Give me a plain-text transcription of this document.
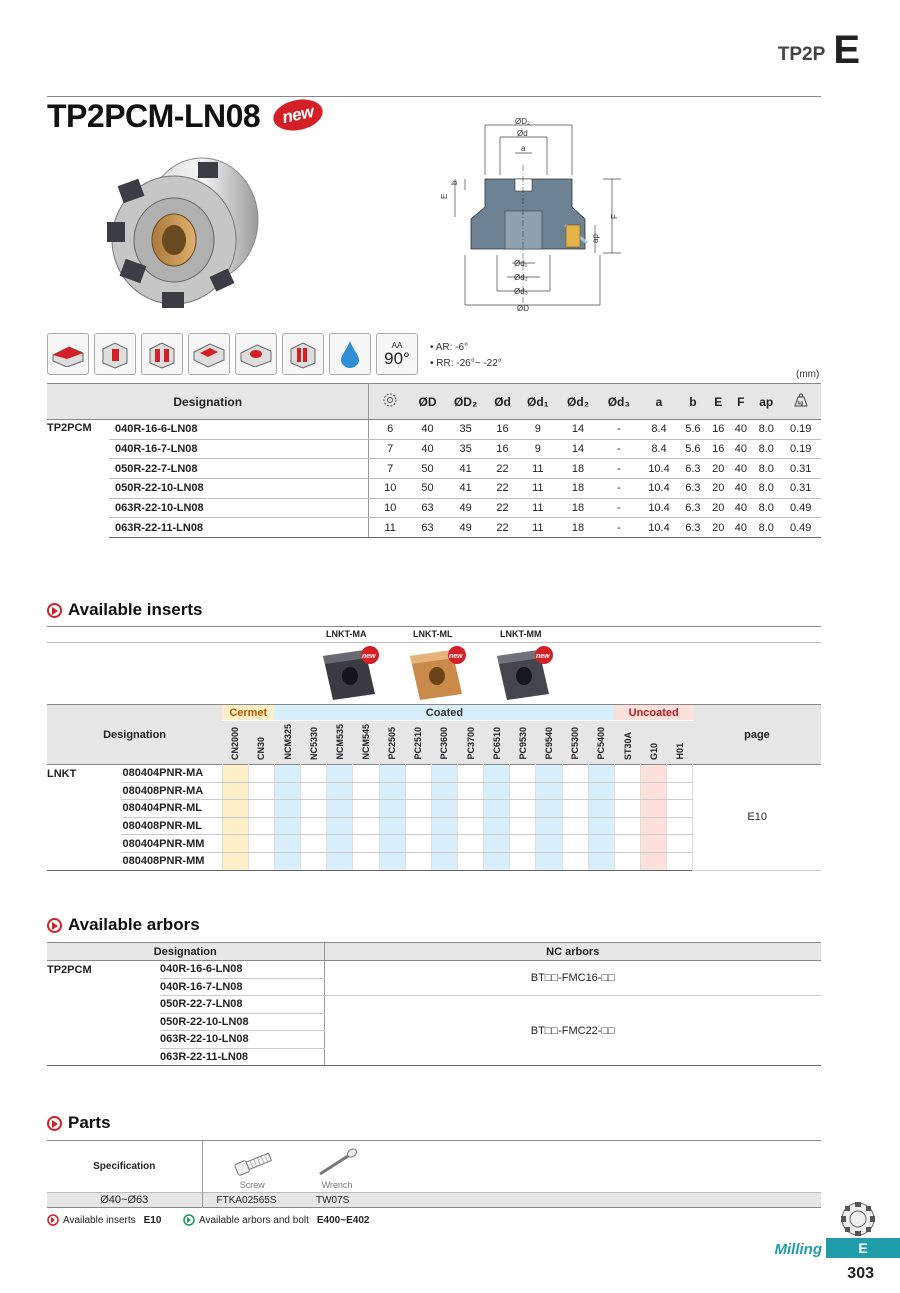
TP2P E
TP2PCM-LN08 new	ØD₂
Ød
a
b
E
F
ap
Ød₁
Ød₂
Ød₃
ØD
AA
90°
• AR: -6°
• RR: -26°~ -22°
(mm)
Designation			ØD	ØD₂	Ød	Ød₁	Ød₂	Ød₃	a	b	E	F	ap	kg

TP2PCM	040R-16-6-LN08	6	40	35	16	9	14	-	8.4	5.6	16	40	8.0	0.19
	040R-16-7-LN08	7	40	35	16	9	14	-	8.4	5.6	16	40	8.0	0.19
	050R-22-7-LN08	7	50	41	22	11	18	-	10.4	6.3	20	40	8.0	0.31
	050R-22-10-LN08	10	50	41	22	11	18	-	10.4	6.3	20	40	8.0	0.31
	063R-22-10-LN08	10	63	49	22	11	18	-	10.4	6.3	20	40	8.0	0.49
	063R-22-11-LN08	11	63	49	22	11	18	-	10.4	6.3	20	40	8.0	0.49
Available inserts
LNKT-MA	LNKT-ML	LNKT-MM
new	new	new
Designation		Cermet		Coated													Uncoated			page
		CN2000	CN30	NCM325	NC5330	NCM535	NCM545	PC2505	PC2510	PC3600	PC3700	PC6510	PC9530	PC9540	PC5300	PC5400	ST30A	G10	H01	
LNKT	080404PNR-MA																			E10
	080408PNR-MA																			
	080404PNR-ML																			
	080408PNR-ML																			
	080404PNR-MM																			
	080408PNR-MM																			
Available arbors
Designation		NC arbors
TP2PCM	040R-16-6-LN08	BT□□-FMC16-□□
	040R-16-7-LN08	
	050R-22-7-LN08	BT□□-FMC22-□□
	050R-22-10-LN08	
	063R-22-10-LN08	
	063R-22-11-LN08	
Parts
Specification	Screw	Wrench	
Ø40~Ø63	FTKA02565S	TW07S	
Available inserts E10	Available arbors and bolt E400~E402
Milling	E
303
